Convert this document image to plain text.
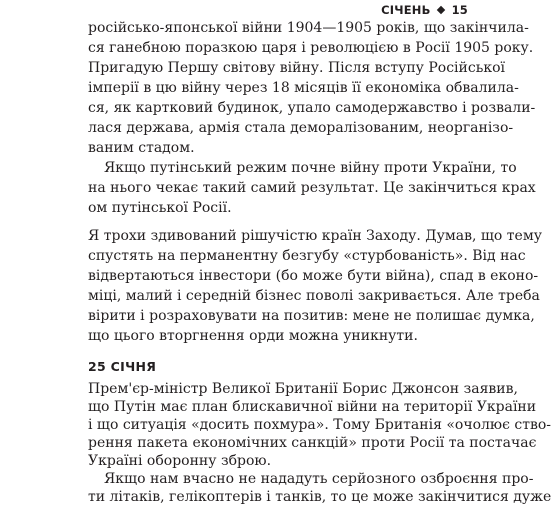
СІЧЕНЬ 15
російсько-японської війни 1904—1905 років, що закінчила-
ся ганебною поразкою царя і революцією в Росії 1905 року.
Пригадую Першу світову війну. Після вступу Російської
імперії в цю війну через 18 місяців її економіка обвалила-
ся, як картковий будинок, упало самодержавство і розвали-
лася держава, армія стала деморалізованим, неорганізо-
ваним стадом.
Якщо путінський режим почне війну проти України, то
на нього чекає такий самий результат. Це закінчиться крах
ом путінської Росії.
Я трохи здивований рішучістю країн Заходу. Думав, що тему
спустять на перманентну безгубу «стурбованість». Від нас
відвертаються інвестори (бо може бути війна), спад в еконо-
міці, малий і середній бізнес поволі закривається. Але треба
вірити і розраховувати на позитив: мене не полишає думка,
що цього вторгнення орди можна уникнути.
25 СІЧНЯ
Прем'єр-міністр Великої Британії Борис Джонсон заявив,
що Путін має план блискавичної війни на території України
і що ситуація «досить похмура». Тому Британія «очолює ство-
рення пакета економічних санкцій» проти Росії та постачає
Україні оборонну зброю.
Якщо нам вчасно не нададуть серйозного озброєння про-
ти літаків, гелікоптерів і танків, то це може закінчитися дуже
